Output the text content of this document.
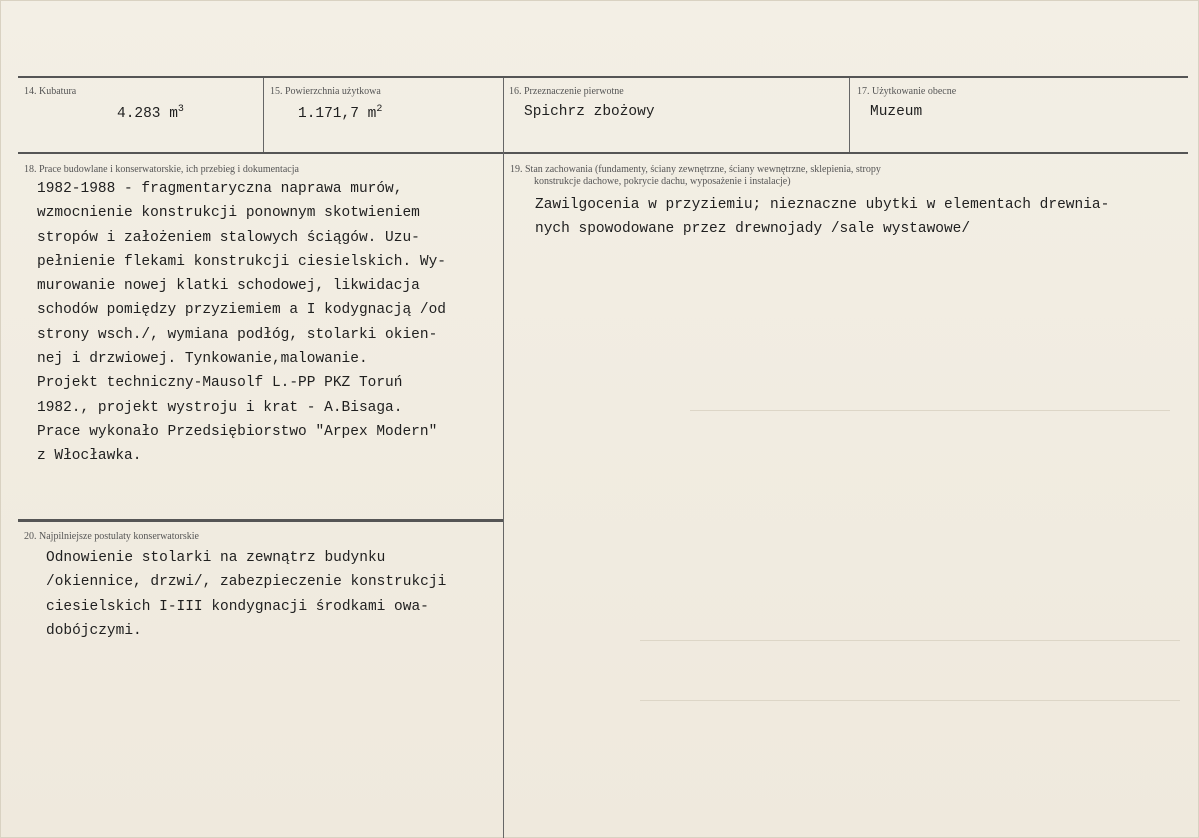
14. Kubatura
4.283 $m^3$
15. Powierzchnia użytkowa
1.171,7 $m^2$
16. Przeznaczenie pierwotne
Spichrz zbożowy
17. Użytkowanie obecne
Muzeum
18. Prace budowlane i konserwatorskie, ich przebieg i dokumentacja
1982-1988 - fragmentaryczna naprawa murów,
wzmocnienie konstrukcji ponownym skotwieniem
stropów i założeniem stalowych ściągów. Uzu-
pełnienie flekami konstrukcji ciesielskich. Wy-
murowanie nowej klatki schodowej, likwidacja
schodów pomiędzy przyziemiem a I kodygnacją /od
strony wsch./, wymiana podłóg, stolarki okien-
nej i drzwiowej. Tynkowanie,malowanie.
Projekt techniczny-Mausolf L.-PP PKZ Toruń
1982., projekt wystroju i krat - A.Bisaga.
Prace wykonało Przedsiębiorstwo "Arpex Modern"
z Włocławka.
19. Stan zachowania (fundamenty, ściany zewnętrzne, ściany wewnętrzne, sklepienia, stropy
konstrukcje dachowe, pokrycie dachu, wyposażenie i instalacje)
Zawilgocenia w przyziemiu; nieznaczne ubytki w elementach drewnia-
nych spowodowane przez drewnojady /sale wystawowe/
20. Najpilniejsze postulaty konserwatorskie
Odnowienie stolarki na zewnątrz budynku
/okiennice, drzwi/, zabezpieczenie konstrukcji
ciesielskich I-III kondygnacji środkami owa-
dobójczymi.
